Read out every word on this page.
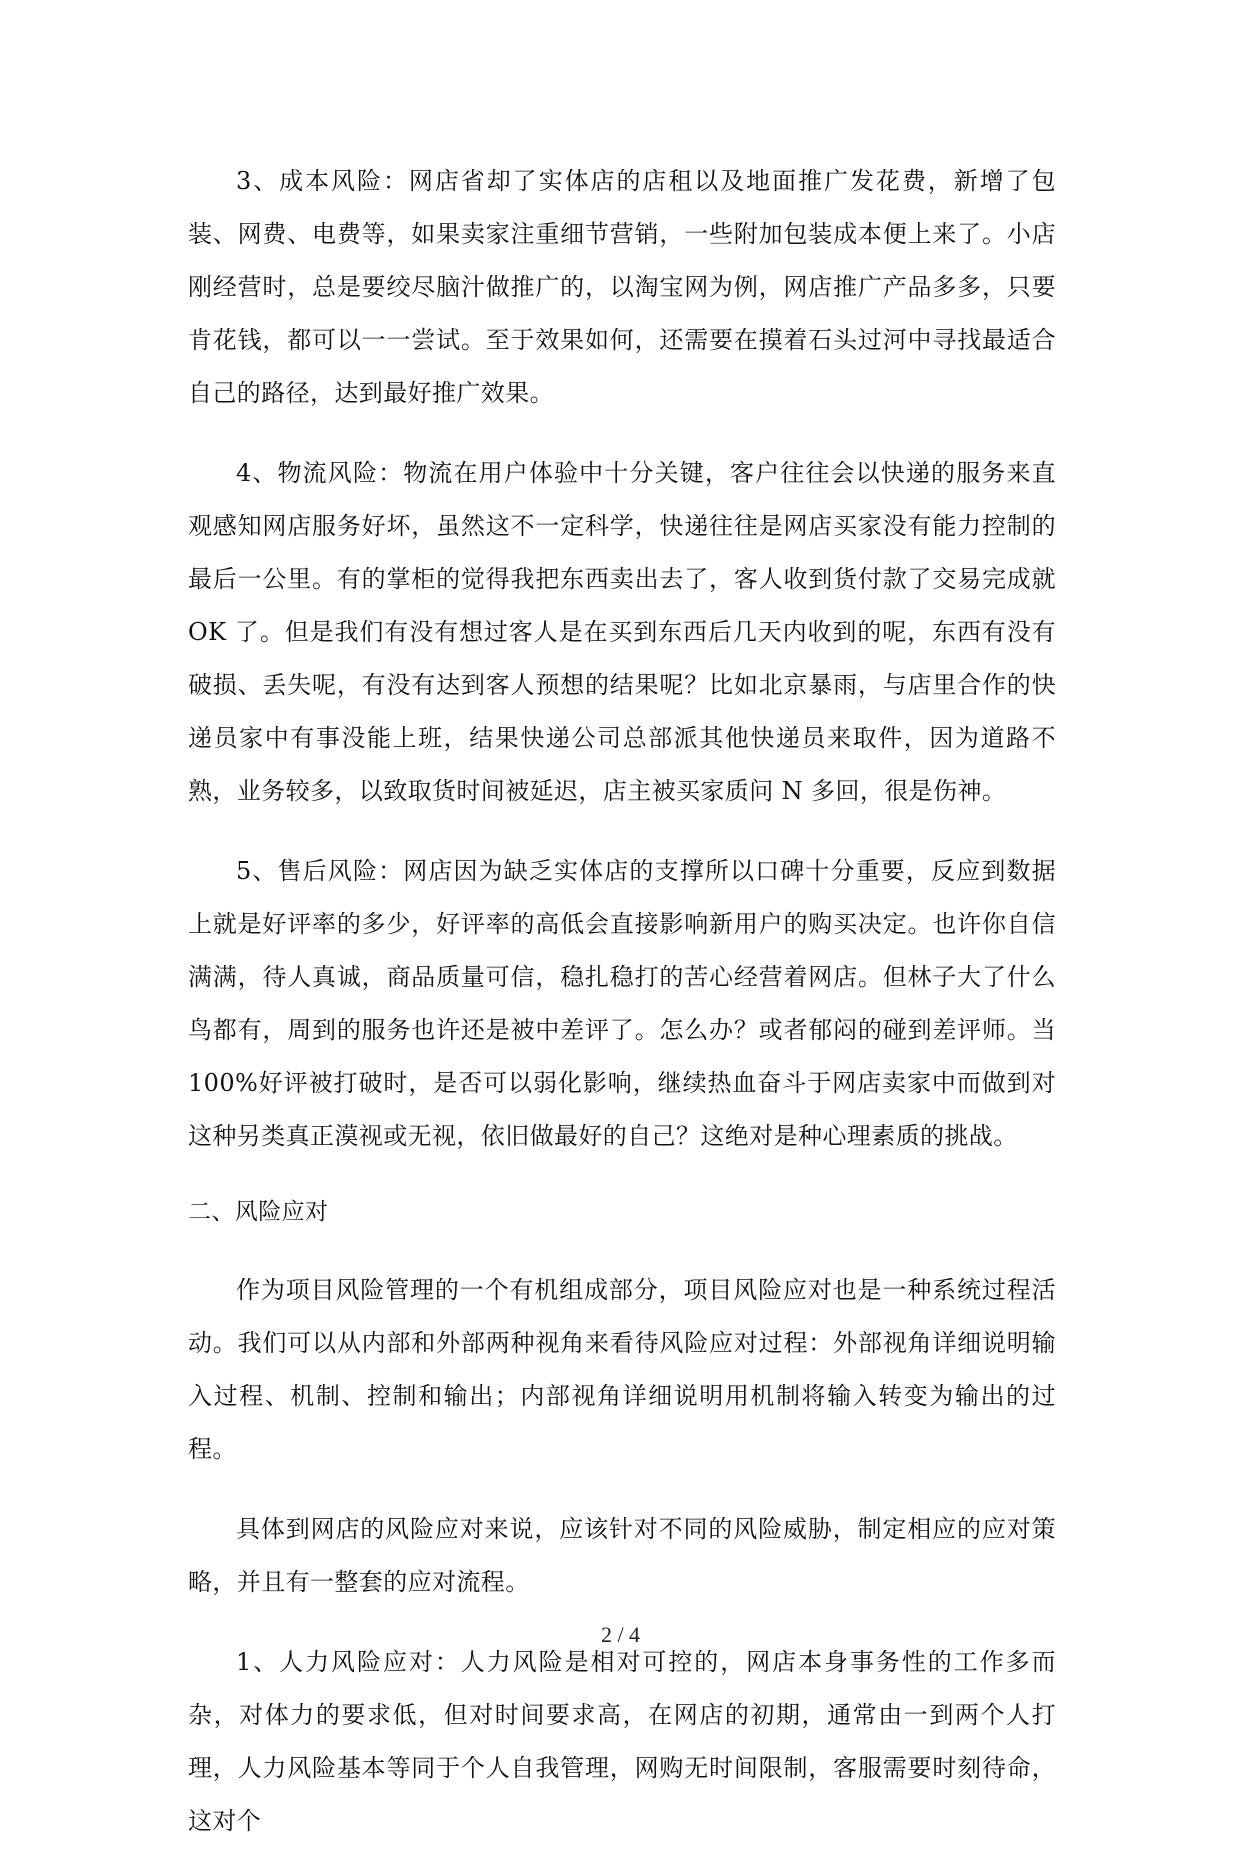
3、成本风险：网店省却了实体店的店租以及地面推广发花费，新增了包装、网费、电费等，如果卖家注重细节营销，一些附加包装成本便上来了。小店刚经营时，总是要绞尽脑汁做推广的，以淘宝网为例，网店推广产品多多，只要肯花钱，都可以一一尝试。至于效果如何，还需要在摸着石头过河中寻找最适合自己的路径，达到最好推广效果。

4、物流风险：物流在用户体验中十分关键，客户往往会以快递的服务来直观感知网店服务好坏，虽然这不一定科学，快递往往是网店买家没有能力控制的最后一公里。有的掌柜的觉得我把东西卖出去了，客人收到货付款了交易完成就 OK 了。但是我们有没有想过客人是在买到东西后几天内收到的呢，东西有没有破损、丢失呢，有没有达到客人预想的结果呢？比如北京暴雨，与店里合作的快递员家中有事没能上班，结果快递公司总部派其他快递员来取件，因为道路不熟，业务较多，以致取货时间被延迟，店主被买家质问 N 多回，很是伤神。

5、售后风险：网店因为缺乏实体店的支撑所以口碑十分重要，反应到数据上就是好评率的多少，好评率的高低会直接影响新用户的购买决定。也许你自信满满，待人真诚，商品质量可信，稳扎稳打的苦心经营着网店。但林子大了什么鸟都有，周到的服务也许还是被中差评了。怎么办？或者郁闷的碰到差评师。当 100%好评被打破时，是否可以弱化影响，继续热血奋斗于网店卖家中而做到对这种另类真正漠视或无视，依旧做最好的自己？这绝对是种心理素质的挑战。

二、风险应对

作为项目风险管理的一个有机组成部分，项目风险应对也是一种系统过程活动。我们可以从内部和外部两种视角来看待风险应对过程：外部视角详细说明输入过程、机制、控制和输出；内部视角详细说明用机制将输入转变为输出的过程。

具体到网店的风险应对来说，应该针对不同的风险威胁，制定相应的应对策略，并且有一整套的应对流程。

1、人力风险应对：人力风险是相对可控的，网店本身事务性的工作多而杂，对体力的要求低，但对时间要求高，在网店的初期，通常由一到两个人打理，人力风险基本等同于个人自我管理，网购无时间限制，客服需要时刻待命，这对个

2 / 4
